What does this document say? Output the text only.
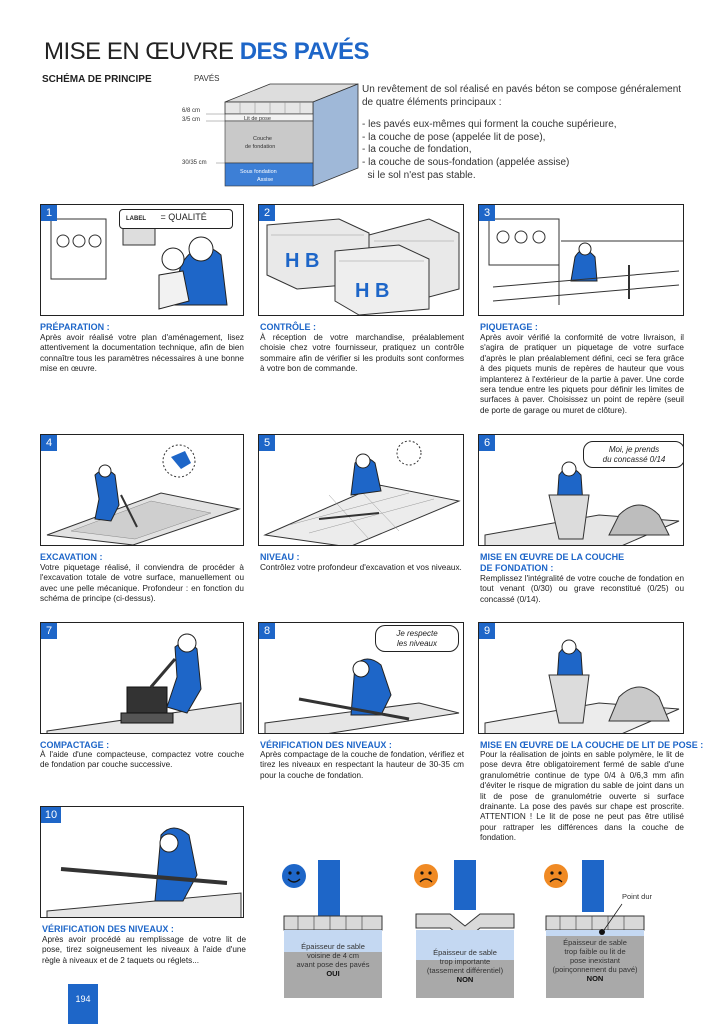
MISE EN ŒUVRE DES PAVÉS
SCHÉMA DE PRINCIPE	PAVÉS
6/8 cm
3/5 cm
30/35 cm
Lit de pose
Couche
de fondation
Sous fondation
Assise

Un revêtement de sol réalisé en pavés béton se compose généralement de quatre éléments principaux :

- les pavés eux-mêmes qui forment la couche supérieure,
- la couche de pose (appelée lit de pose),
- la couche de fondation,
- la couche de sous-fondation (appelée assise)
si le sol n'est pas stable.
1	LABEL = QUALITÉ
H B
H B
2	3
PRÉPARATION :
Après avoir réalisé votre plan d'aménagement, lisez attentivement la documentation technique, afin de bien connaître tous les paramètres nécessaires à une bonne mise en œuvre.
CONTRÔLE :
À réception de votre marchandise, préalablement choisie chez votre fournisseur, pratiquez un contrôle sommaire afin de vérifier si les produits sont conformes à votre bon de commande.
PIQUETAGE :
Après avoir vérifié la conformité de votre livraison, il s'agira de pratiquer un piquetage de votre surface d'après le plan préalablement défini, ceci se fera grâce à des piquets munis de repères de hauteur que vous implanterez à l'extérieur de la partie à paver. Une corde sera tendue entre les piquets pour définir les limites de surfaces à paver. Choisissez un point de repère (seuil de porte de garage ou muret de clôture).
4	5	6
Moi, je prends
du concassé 0/14
EXCAVATION :
Votre piquetage réalisé, il conviendra de procéder à l'excavation totale de votre surface, manuellement ou avec une pelle mécanique. Profondeur : en fonction du schéma de principe (ci-dessus).
NIVEAU :
Contrôlez votre profondeur d'excavation et vos niveaux.
MISE EN ŒUVRE DE LA COUCHE
DE FONDATION :
Remplissez l'intégralité de votre couche de fondation en tout venant (0/30) ou grave reconstitué (0/25) ou concassé (0/14).
7	8	Je respecte
les niveaux
9
COMPACTAGE :
À l'aide d'une compacteuse, compactez votre couche de fondation par couche successive.
VÉRIFICATION DES NIVEAUX :
Après compactage de la couche de fondation, vérifiez et tirez les niveaux en respectant la hauteur de 30-35 cm pour la couche de fondation.
MISE EN ŒUVRE DE LA COUCHE DE LIT DE POSE :
Pour la réalisation de joints en sable polymère, le lit de pose devra être obligatoirement fermé de sable d'une granulométrie continue de type 0/4 à 0/6,3 mm afin d'éviter le risque de migration du sable de joint dans un lit de pose de granulométrie ouverte si surface drainante. La pose des pavés sur chape est proscrite. ATTENTION ! Le lit de pose ne peut pas être utilisé pour rattraper les différences dans la couche de fondation.
10
VÉRIFICATION DES NIVEAUX :
Après avoir procédé au remplissage de votre lit de pose, tirez soigneusement les niveaux à l'aide d'une règle à niveaux et de 2 taquets ou réglets...
Épaisseur de sable
voisine de 4 cm
avant pose des pavés
OUI
Épaisseur de sable
trop importante
(tassement différentiel)
NON
Point dur
Épaisseur de sable
trop faible ou lit de
pose inexistant
(poinçonnement du pavé)
NON
194
